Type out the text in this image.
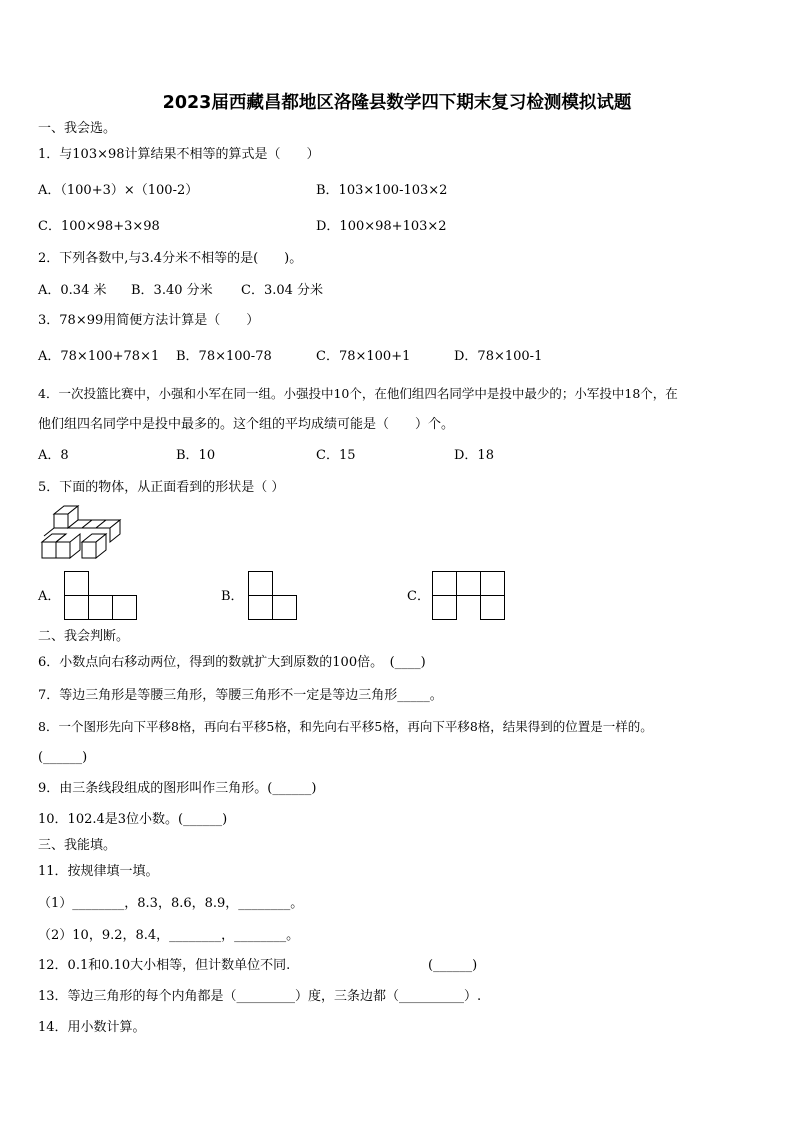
2023届西藏昌都地区洛隆县数学四下期末复习检测模拟试题
一、我会选。
1．与103×98计算结果不相等的算式是（　　）
A．（100+3）×（100-2）	B．103×100-103×2
C．100×98+3×98	D．100×98+103×2
2．下列各数中,与3.4分米不相等的是(　　)。
A．0.34 米 B．3.40 分米 C．3.04 分米
3．78×99用简便方法计算是（　　）
A．78×100+78×1 B．78×100-78	C．78×100+1	D．78×100-1
4．一次投篮比赛中，小强和小军在同一组。小强投中10个，在他们组四名同学中是投中最少的；小军投中18个，在
他们组四名同学中是投中最多的。这个组的平均成绩可能是（　　）个。
A．8	B．10	C．15	D．18
5．下面的物体，从正面看到的形状是（ ）
A．	B．	C．
二、我会判断。
6．小数点向右移动两位，得到的数就扩大到原数的100倍。　(____)
7．等边三角形是等腰三角形，等腰三角形不一定是等边三角形_____。
8．一个图形先向下平移8格，再向右平移5格，和先向右平移5格，再向下平移8格，结果得到的位置是一样的。
(______)
9．由三条线段组成的图形叫作三角形。(______)
10．102.4是3位小数。(______)
三、我能填。
11．按规律填一填。
（1）________，8.3，8.6，8.9，________。
（2）10，9.2，8.4，________，________。
12．0.1和0.10大小相等，但计数单位不同.	(______)
13．等边三角形的每个内角都是（_________）度，三条边都（__________）.
14．用小数计算。
